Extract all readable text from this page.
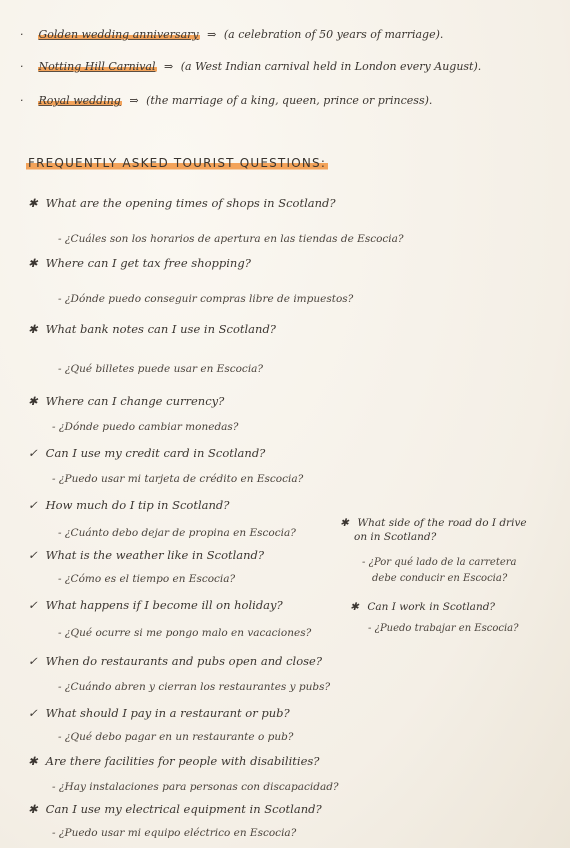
· Golden wedding anniversary ⇒ (a celebration of 50 years of marriage).
· Notting Hill Carnival ⇒ (a West Indian carnival held in London every August).
· Royal wedding ⇒ (the marriage of a king, queen, prince or princess).
FREQUENTLY ASKED TOURIST QUESTIONS:
✱ What are the opening times of shops in Scotland?
- ¿Cuáles son los horarios de apertura en las tiendas de Escocia?
✱ Where can I get tax free shopping?
- ¿Dónde puedo conseguir compras libre de impuestos?
✱ What bank notes can I use in Scotland?
- ¿Qué billetes puede usar en Escocia?
✱ Where can I change currency?
- ¿Dónde puedo cambiar monedas?
✓ Can I use my credit card in Scotland?
- ¿Puedo usar mi tarjeta de crédito en Escocia?
✓ How much do I tip in Scotland?
- ¿Cuánto debo dejar de propina en Escocia?
✓ What is the weather like in Scotland?
- ¿Cómo es el tiempo en Escocia?
✓ What happens if I become ill on holiday?
- ¿Qué ocurre si me pongo malo en vacaciones?
✓ When do restaurants and pubs open and close?
- ¿Cuándo abren y cierran los restaurantes y pubs?
✓ What should I pay in a restaurant or pub?
- ¿Qué debo pagar en un restaurante o pub?
✱ Are there facilities for people with disabilities?
- ¿Hay instalaciones para personas con discapacidad?
✱ Can I use my electrical equipment in Scotland?
- ¿Puedo usar mi equipo eléctrico en Escocia?
✱ What side of the road do I drive
on in Scotland?
- ¿Por qué lado de la carretera
debe conducir en Escocia?
✱ Can I work in Scotland?
- ¿Puedo trabajar en Escocia?
